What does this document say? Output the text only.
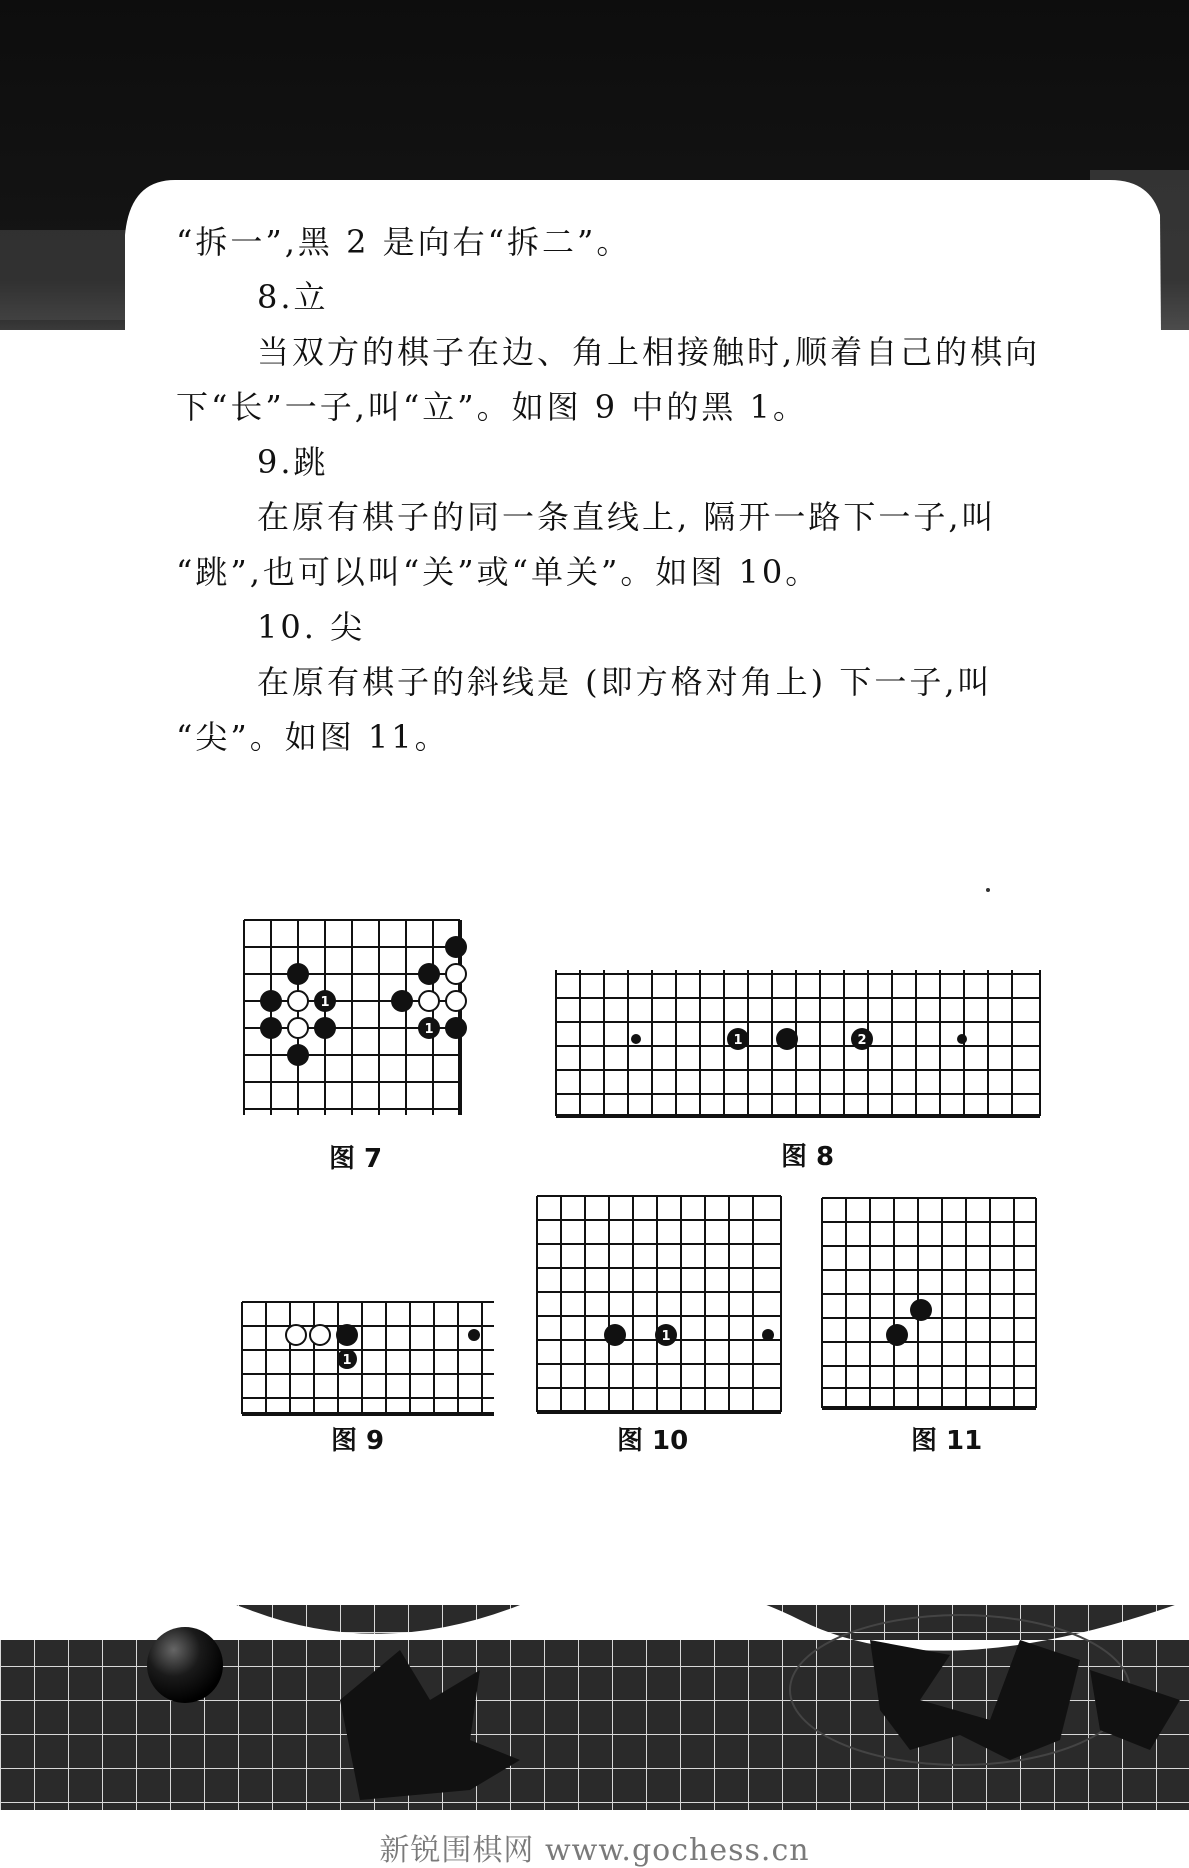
“拆一”,黑 2 是向右“拆二”。

8.立

当双方的棋子在边、角上相接触时,顺着自己的棋向

下“长”一子,叫“立”。如图 9 中的黑 1。

9.跳

在原有棋子的同一条直线上, 隔开一路下一子,叫

“跳”,也可以叫“关”或“单关”。如图 10。

10. 尖

在原有棋子的斜线是 (即方格对角上) 下一子,叫

“尖”。如图 11。

1
1
图 7
1	2
图 8
1
图 9
1
图 10	图 11
新锐围棋网 www.gochess.cn
